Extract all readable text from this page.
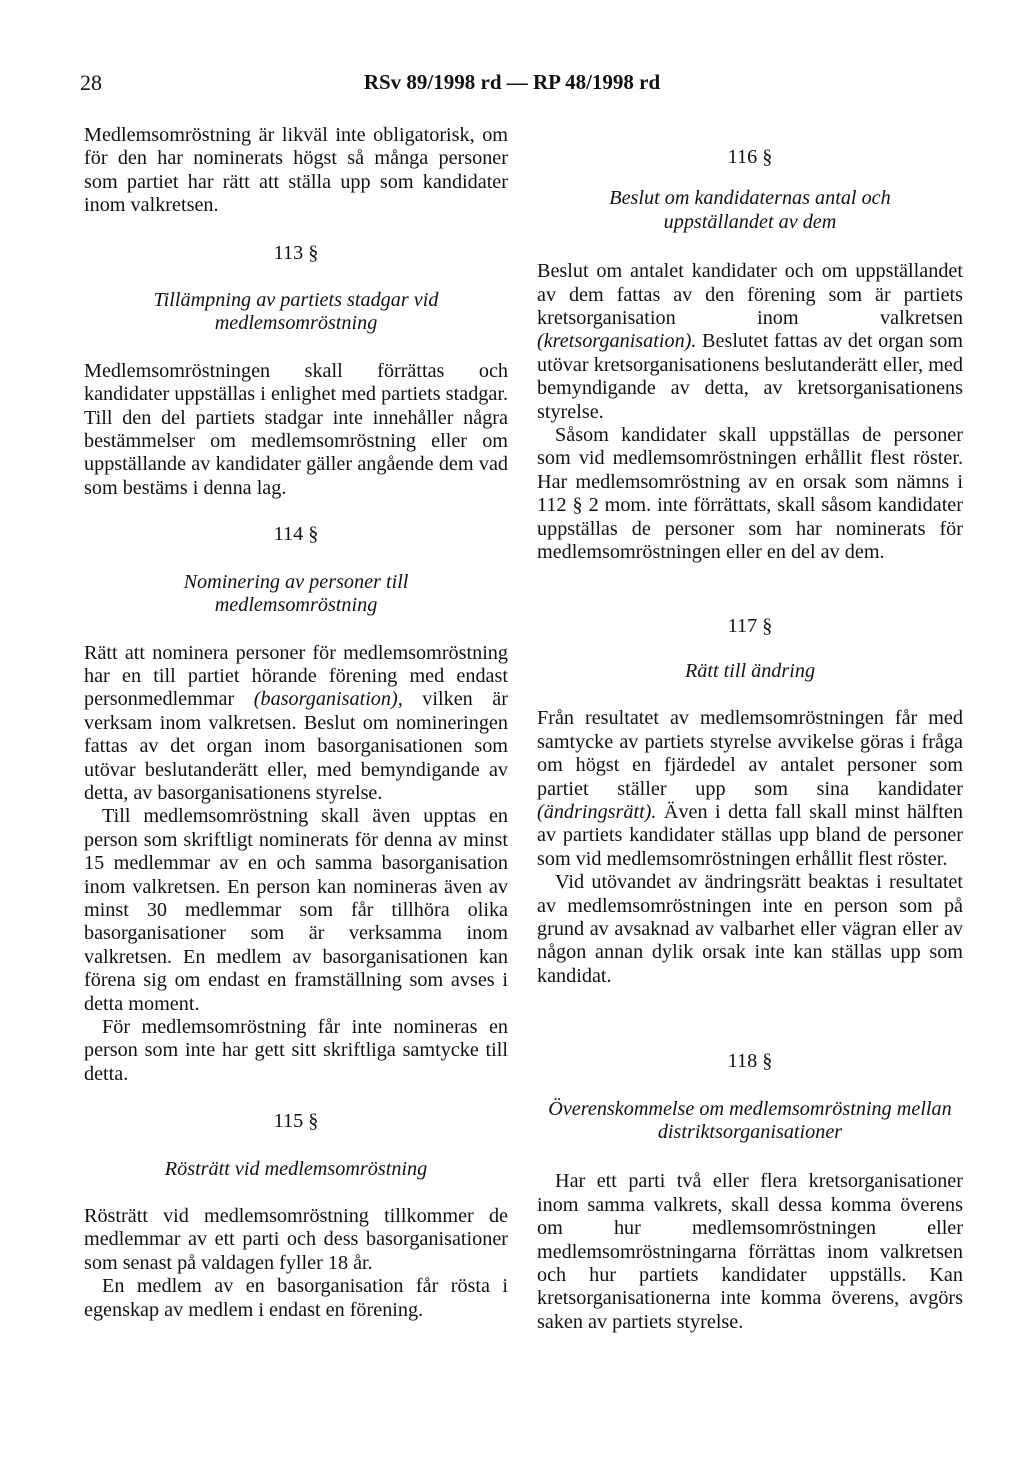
28	RSv 89/1998 rd — RP 48/1998 rd

Medlemsomröstning är likväl inte obligatorisk, om för den har nominerats högst så många personer som partiet har rätt att ställa upp som kandidater inom valkretsen.

113 §

Tillämpning av partiets stadgar vid medlemsomröstning

Medlemsomröstningen skall förrättas och kandidater uppställas i enlighet med partiets stadgar. Till den del partiets stadgar inte innehåller några bestämmelser om medlemsomröstning eller om uppställande av kandidater gäller angående dem vad som bestäms i denna lag.

114 §

Nominering av personer till medlemsomröstning

Rätt att nominera personer för medlemsomröstning har en till partiet hörande förening med endast personmedlemmar (basorganisation), vilken är verksam inom valkretsen. Beslut om nomineringen fattas av det organ inom basorganisationen som utövar beslutanderätt eller, med bemyndigande av detta, av basorganisationens styrelse.

Till medlemsomröstning skall även upptas en person som skriftligt nominerats för denna av minst 15 medlemmar av en och samma basorganisation inom valkretsen. En person kan nomineras även av minst 30 medlemmar som får tillhöra olika basorganisationer som är verksamma inom valkretsen. En medlem av basorganisationen kan förena sig om endast en framställning som avses i detta moment.

För medlemsomröstning får inte nomineras en person som inte har gett sitt skriftliga samtycke till detta.

115 §

Rösträtt vid medlemsomröstning

Rösträtt vid medlemsomröstning tillkommer de medlemmar av ett parti och dess basorganisationer som senast på valdagen fyller 18 år.

En medlem av en basorganisation får rösta i egenskap av medlem i endast en förening.

116 §

Beslut om kandidaternas antal och uppställandet av dem

Beslut om antalet kandidater och om uppställandet av dem fattas av den förening som är partiets kretsorganisation inom valkretsen (kretsorganisation). Beslutet fattas av det organ som utövar kretsorganisationens beslutanderätt eller, med bemyndigande av detta, av kretsorganisationens styrelse.

Såsom kandidater skall uppställas de personer som vid medlemsomröstningen erhållit flest röster. Har medlemsomröstning av en orsak som nämns i 112 § 2 mom. inte förrättats, skall såsom kandidater uppställas de personer som har nominerats för medlemsomröstningen eller en del av dem.

117 §

Rätt till ändring

Från resultatet av medlemsomröstningen får med samtycke av partiets styrelse avvikelse göras i fråga om högst en fjärdedel av antalet personer som partiet ställer upp som sina kandidater (ändringsrätt). Även i detta fall skall minst hälften av partiets kandidater ställas upp bland de personer som vid medlemsomröstningen erhållit flest röster.

Vid utövandet av ändringsrätt beaktas i resultatet av medlemsomröstningen inte en person som på grund av avsaknad av valbarhet eller vägran eller av någon annan dylik orsak inte kan ställas upp som kandidat.

118 §

Överenskommelse om medlemsomröstning mellan distriktsorganisationer

Har ett parti två eller flera kretsorganisationer inom samma valkrets, skall dessa komma överens om hur medlemsomröstningen eller medlemsomröstningarna förrättas inom valkretsen och hur partiets kandidater uppställs. Kan kretsorganisationerna inte komma överens, avgörs saken av partiets styrelse.
